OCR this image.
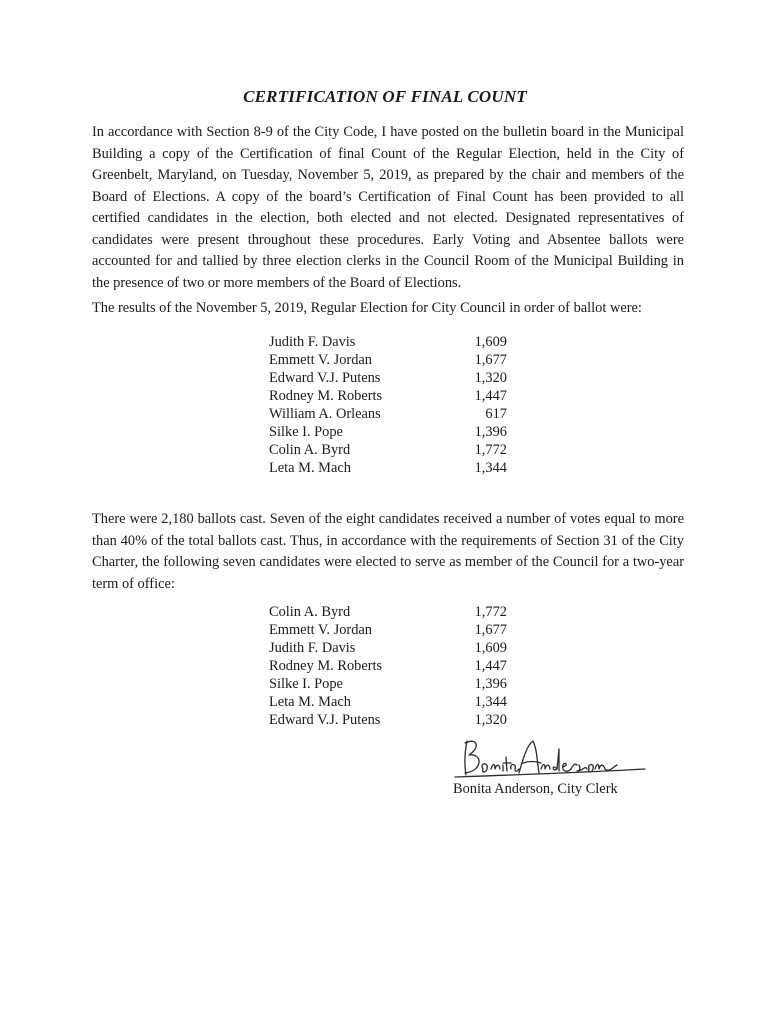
CERTIFICATION OF FINAL COUNT
In accordance with Section 8-9 of the City Code, I have posted on the bulletin board in the Municipal Building a copy of the Certification of final Count of the Regular Election, held in the City of Greenbelt, Maryland, on Tuesday, November 5, 2019, as prepared by the chair and members of the Board of Elections. A copy of the board’s Certification of Final Count has been provided to all certified candidates in the election, both elected and not elected. Designated representatives of candidates were present throughout these procedures. Early Voting and Absentee ballots were accounted for and tallied by three election clerks in the Council Room of the Municipal Building in the presence of two or more members of the Board of Elections.
The results of the November 5, 2019, Regular Election for City Council in order of ballot were:
Judith F. Davis	1,609
Emmett V. Jordan	1,677
Edward V.J. Putens	1,320
Rodney M. Roberts	1,447
William A. Orleans	617
Silke I. Pope	1,396
Colin A. Byrd	1,772
Leta M. Mach	1,344
There were 2,180 ballots cast. Seven of the eight candidates received a number of votes equal to more than 40% of the total ballots cast. Thus, in accordance with the requirements of Section 31 of the City Charter, the following seven candidates were elected to serve as member of the Council for a two-year term of office:
Colin A. Byrd	1,772
Emmett V. Jordan	1,677
Judith F. Davis	1,609
Rodney M. Roberts	1,447
Silke I. Pope	1,396
Leta M. Mach	1,344
Edward V.J. Putens	1,320
Bonita Anderson, City Clerk
